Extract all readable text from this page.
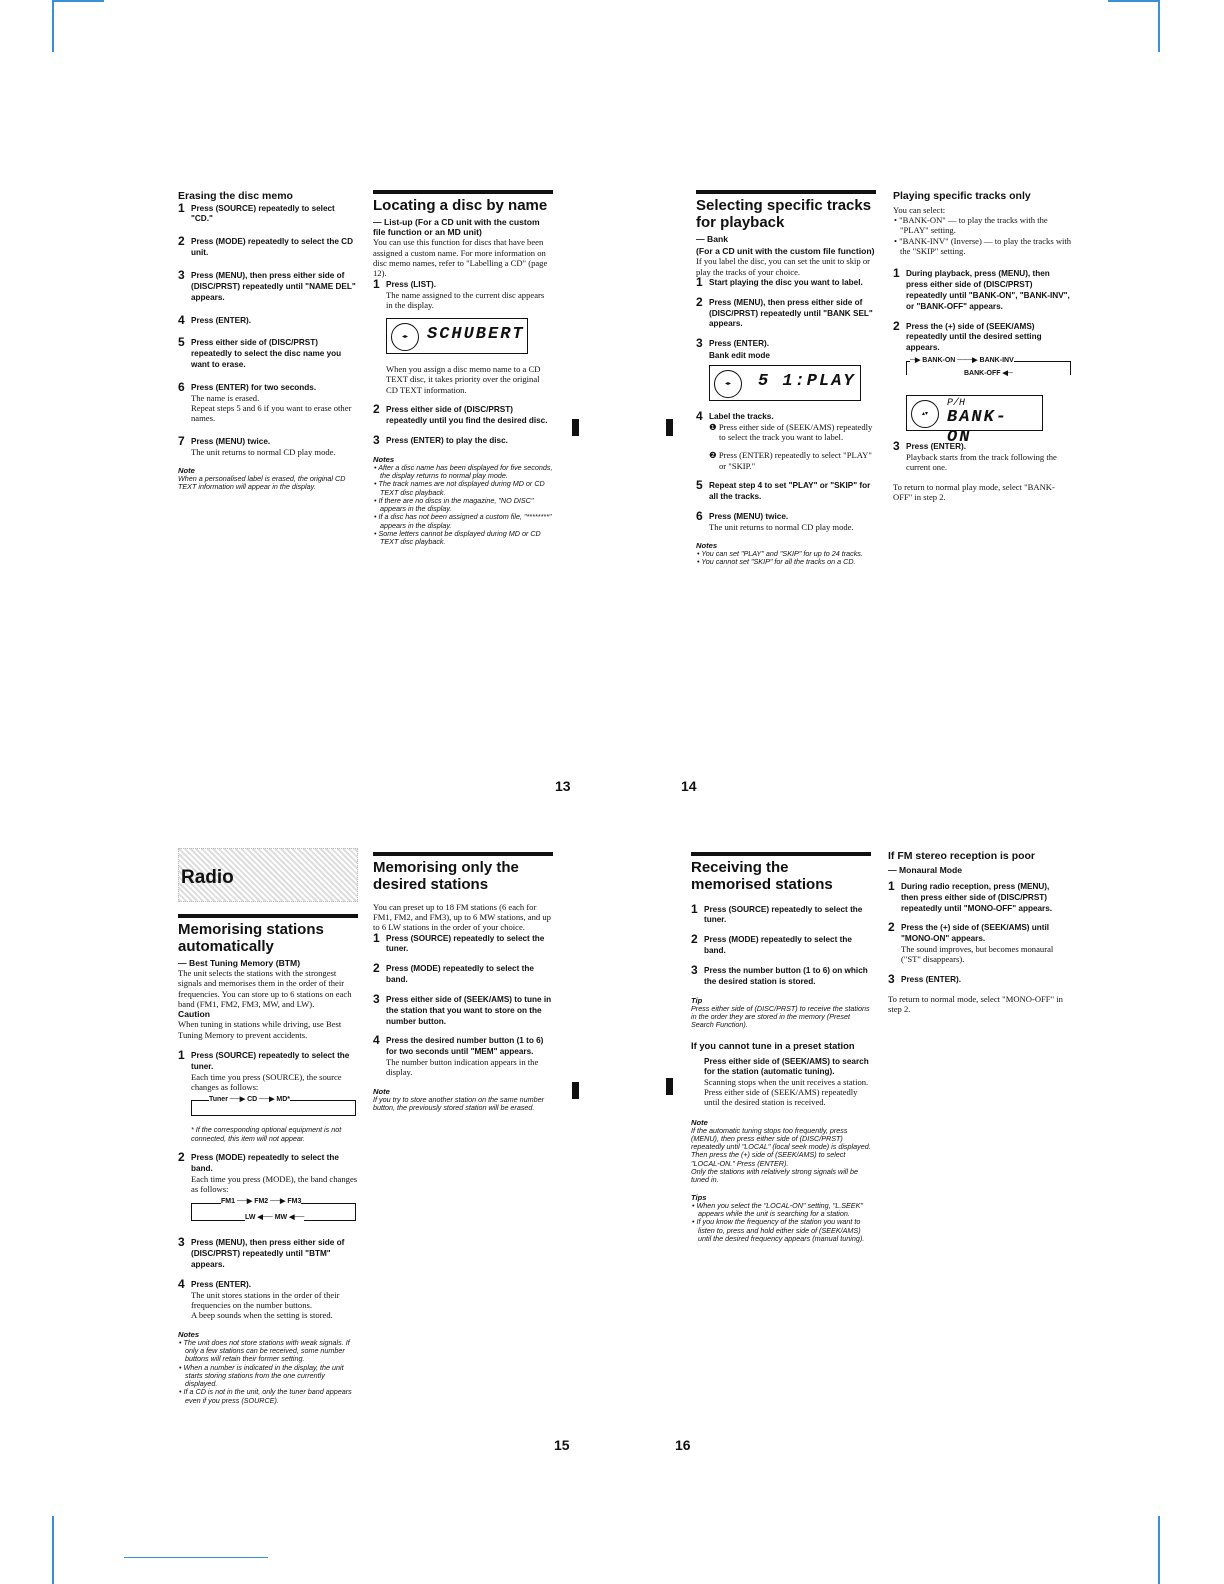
Erasing the disc memo

1 Press (SOURCE) repeatedly to select "CD."
2 Press (MODE) repeatedly to select the CD unit.
3 Press (MENU), then press either side of (DISC/PRST) repeatedly until "NAME DEL" appears.
4 Press (ENTER).
5 Press either side of (DISC/PRST) repeatedly to select the disc name you want to erase.
6 Press (ENTER) for two seconds.
The name is erased.
Repeat steps 5 and 6 if you want to erase other names.
7 Press (MENU) twice.
The unit returns to normal CD play mode.
Note
When a personalised label is erased, the original CD TEXT information will appear in the display.

Locating a disc by name

— List-up (For a CD unit with the custom file function or an MD unit)

You can use this function for discs that have been assigned a custom name. For more information on disc memo names, refer to "Labelling a CD" (page 12).

1 Press (LIST).
The name assigned to the current disc appears in the display.
◂▸	SCHUBERT
When you assign a disc memo name to a CD TEXT disc, it takes priority over the original CD TEXT information.
2 Press either side of (DISC/PRST) repeatedly until you find the desired disc.
3 Press (ENTER) to play the disc.
Notes
• After a disc name has been displayed for five seconds, the display returns to normal play mode.
• The track names are not displayed during MD or CD TEXT disc playback.
• If there are no discs in the magazine, "NO DISC" appears in the display.
• If a disc has not been assigned a custom file, "********" appears in the display.
• Some letters cannot be displayed during MD or CD TEXT disc playback.
13	14

Selecting specific tracks for playback

— Bank

(For a CD unit with the custom file function)

If you label the disc, you can set the unit to skip or play the tracks of your choice.

1 Start playing the disc you want to label.
2 Press (MENU), then press either side of (DISC/PRST) repeatedly until "BANK SEL" appears.
3 Press (ENTER).
Bank edit mode
◂▸	5 1:PLAY
4 Label the tracks.
❶ Press either side of (SEEK/AMS) repeatedly to select the track you want to label.
❷ Press (ENTER) repeatedly to select "PLAY" or "SKIP."
5 Repeat step 4 to set "PLAY" or "SKIP" for all the tracks.
6 Press (MENU) twice.
The unit returns to normal CD play mode.
Notes
• You can set "PLAY" and "SKIP" for up to 24 tracks.
• You cannot set "SKIP" for all the tracks on a CD.

Playing specific tracks only

You can select:

• "BANK-ON" — to play the tracks with the "PLAY" setting.
• "BANK-INV" (Inverse) — to play the tracks with the "SKIP" setting.
1 During playback, press (MENU), then press either side of (DISC/PRST) repeatedly until "BANK-ON", "BANK-INV", or "BANK-OFF" appears.
2 Press the (+) side of (SEEK/AMS) repeatedly until the desired setting appears.
─▶ BANK-ON ───▶ BANK-INV
BANK-OFF ◀─
▴▾
P/H
BANK- ON
3 Press (ENTER).
Playback starts from the track following the current one.

To return to normal play mode, select "BANK-OFF" in step 2.

Radio

Memorising stations automatically

— Best Tuning Memory (BTM)

The unit selects the stations with the strongest signals and memorises them in the order of their frequencies. You can store up to 6 stations on each band (FM1, FM2, FM3, MW, and LW).

Caution

When tuning in stations while driving, use Best Tuning Memory to prevent accidents.

1 Press (SOURCE) repeatedly to select the tuner.
Each time you press (SOURCE), the source changes as follows:
Tuner ──▶ CD ──▶ MD*
* If the corresponding optional equipment is not connected, this item will not appear.
2 Press (MODE) repeatedly to select the band.
Each time you press (MODE), the band changes as follows:
FM1 ──▶ FM2 ──▶ FM3
LW ◀── MW ◀──
3 Press (MENU), then press either side of (DISC/PRST) repeatedly until "BTM" appears.
4 Press (ENTER).
The unit stores stations in the order of their frequencies on the number buttons.
A beep sounds when the setting is stored.
Notes
• The unit does not store stations with weak signals. If only a few stations can be received, some number buttons will retain their former setting.
• When a number is indicated in the display, the unit starts storing stations from the one currently displayed.
• If a CD is not in the unit, only the tuner band appears even if you press (SOURCE).

Memorising only the desired stations

You can preset up to 18 FM stations (6 each for FM1, FM2, and FM3), up to 6 MW stations, and up to 6 LW stations in the order of your choice.

1 Press (SOURCE) repeatedly to select the tuner.
2 Press (MODE) repeatedly to select the band.
3 Press either side of (SEEK/AMS) to tune in the station that you want to store on the number button.
4 Press the desired number button (1 to 6) for two seconds until "MEM" appears.
The number button indication appears in the display.
Note
If you try to store another station on the same number button, the previously stored station will be erased.
15	16

Receiving the memorised stations

1 Press (SOURCE) repeatedly to select the tuner.
2 Press (MODE) repeatedly to select the band.
3 Press the number button (1 to 6) on which the desired station is stored.
Tip
Press either side of (DISC/PRST) to receive the stations in the order they are stored in the memory (Preset Search Function).

If you cannot tune in a preset station

Press either side of (SEEK/AMS) to search for the station (automatic tuning).
Scanning stops when the unit receives a station. Press either side of (SEEK/AMS) repeatedly until the desired station is received.
Note
If the automatic tuning stops too frequently, press (MENU), then press either side of (DISC/PRST) repeatedly until "LOCAL" (local seek mode) is displayed. Then press the (+) side of (SEEK/AMS) to select "LOCAL-ON." Press (ENTER).
Only the stations with relatively strong signals will be tuned in.
Tips
• When you select the "LOCAL-ON" setting, "L.SEEK" appears while the unit is searching for a station.
• If you know the frequency of the station you want to listen to, press and hold either side of (SEEK/AMS) until the desired frequency appears (manual tuning).

If FM stereo reception is poor

— Monaural Mode

1 During radio reception, press (MENU), then press either side of (DISC/PRST) repeatedly until "MONO-OFF" appears.
2 Press the (+) side of (SEEK/AMS) until "MONO-ON" appears.
The sound improves, but becomes monaural ("ST" disappears).
3 Press (ENTER).

To return to normal mode, select "MONO-OFF" in step 2.
